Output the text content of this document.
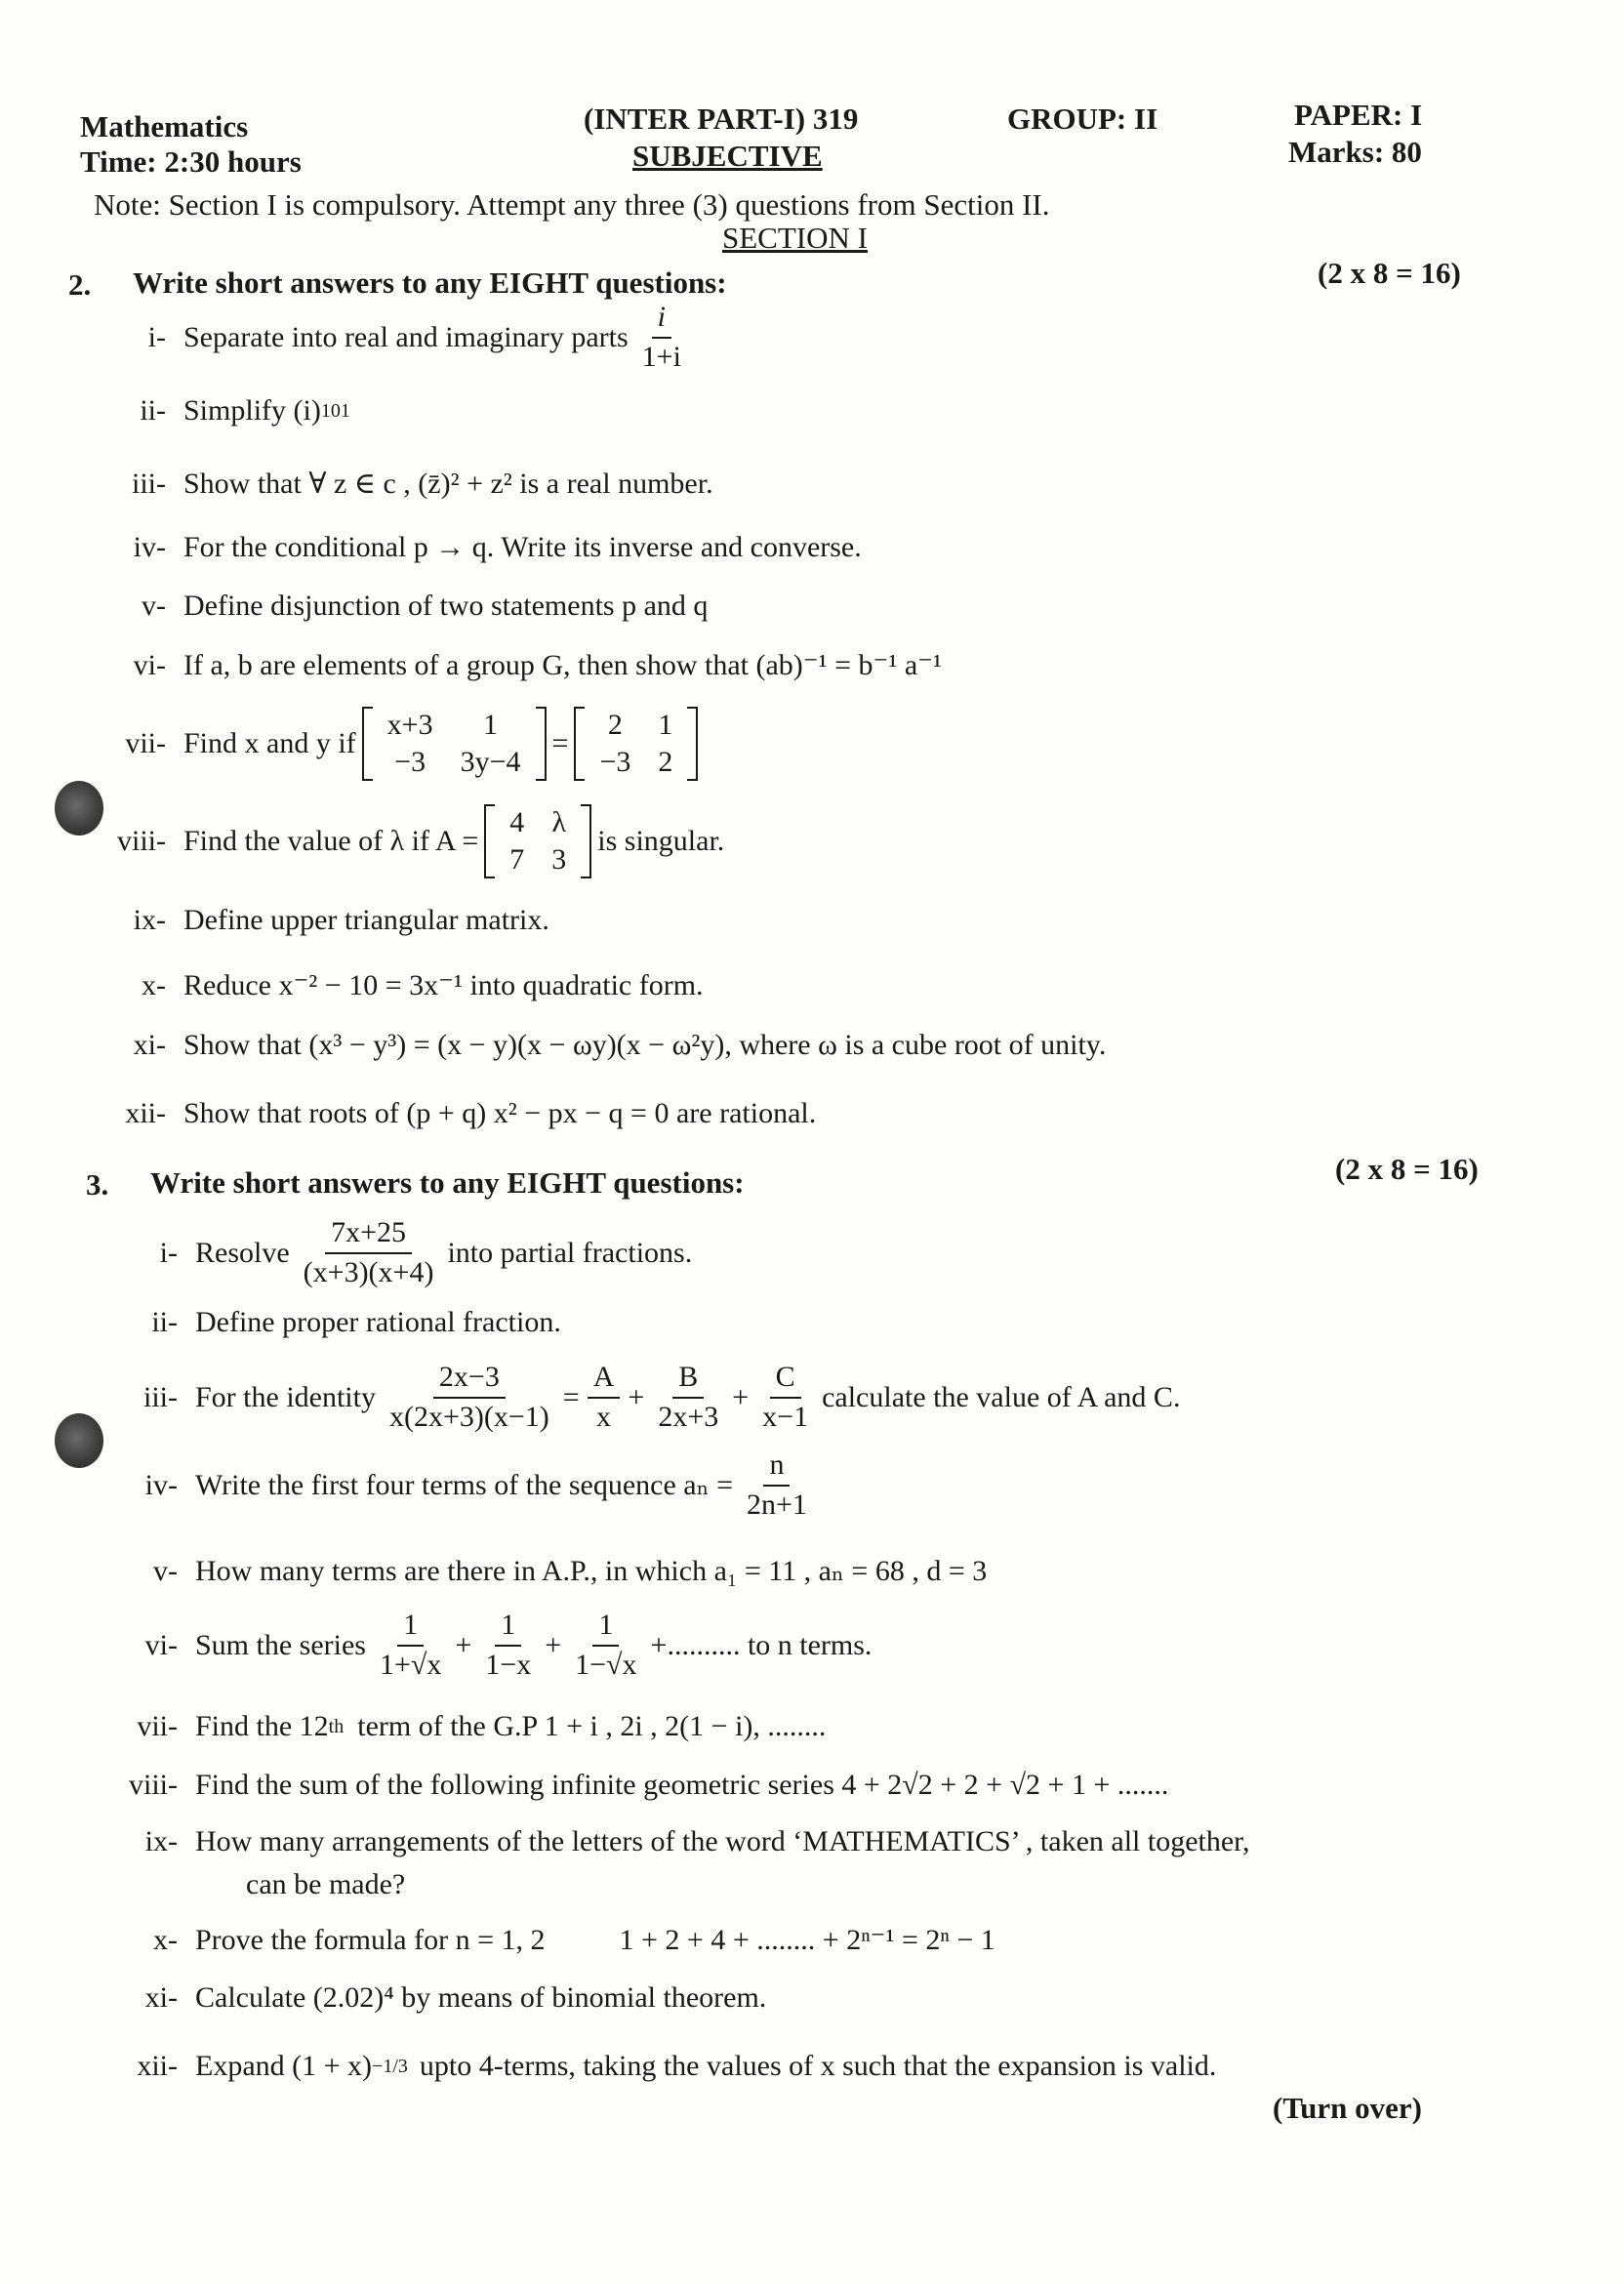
Mathematics
Time: 2:30 hours
(INTER PART-I) 319
SUBJECTIVE
GROUP: II	PAPER: I
Marks: 80
Note: Section I is compulsory. Attempt any three (3) questions from Section II.
SECTION I
2. Write short answers to any EIGHT questions:	(2 x 8 = 16)
i- Separate into real and imaginary parts $\frac{i}{1+i}$
ii- Simplify (i) 101
iii- Show that ∀ z ∈ c , (z̄)² + z² is a real number.
iv- For the conditional p → q. Write its inverse and converse.
v- Define disjunction of two statements p and q
vi- If a, b are elements of a group G, then show that (ab)⁻¹ = b⁻¹ a⁻¹
vii- Find x and y if
x+3	1
−3	3y−4
=
2	1
−3	2
viii- Find the value of λ if A =
4	λ
7	3
is singular.
ix- Define upper triangular matrix.
x- Reduce x⁻² − 10 = 3x⁻¹ into quadratic form.
xi- Show that (x³ − y³) = (x − y)(x − ωy)(x − ω²y), where ω is a cube root of unity.
xii- Show that roots of (p + q) x² − px − q = 0 are rational.
3. Write short answers to any EIGHT questions:	(2 x 8 = 16)
i- Resolve $\frac{7x+25}{(x+3)(x+4)}$ into partial fractions.
ii- Define proper rational fraction.
iii- For the identity $\frac{2x-3}{x(2x+3)(x-1)} = \frac{A}{x} + \frac{B}{2x+3} + \frac{C}{x-1}$ calculate the value of A and C.
iv- Write the first four terms of the sequence $a_n = \frac{n}{2n+1}$
v- How many terms are there in A.P., in which a₁ = 11 , aₙ = 68 , d = 3
vi- Sum the series $\frac{1}{1+√x} + \frac{1}{1-x} + \frac{1}{1-√x}$ +.......... to n terms.
vii- Find the 12 th term of the G.P 1 + i , 2i , 2(1 − i), ........
viii- Find the sum of the following infinite geometric series 4 + 2√2 + 2 + √2 + 1 + .......
ix- How many arrangements of the letters of the word ‘MATHEMATICS’ , taken all together,
can be made?
x- Prove the formula for n = 1, 2	1 + 2 + 4 + ........ + 2ⁿ⁻¹ = 2ⁿ − 1
xi- Calculate (2.02)⁴ by means of binomial theorem.
xii- Expand (1 + x) −1/3 upto 4-terms, taking the values of x such that the expansion is valid.
(Turn over)
